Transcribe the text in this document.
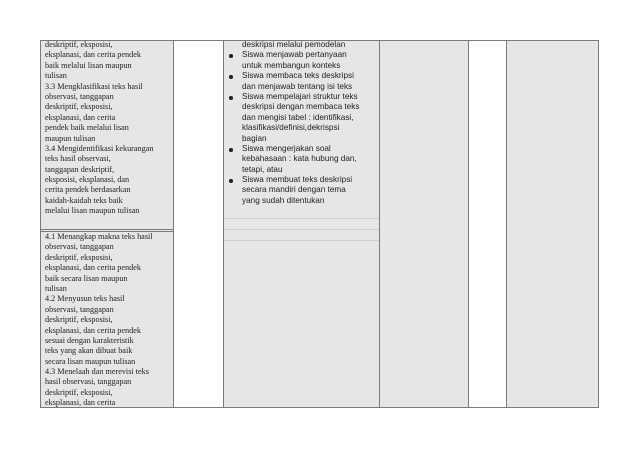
deskriptif, eksposisi,
eksplanasi, dan cerita pendek
baik melalui lisan maupun
tulisan
3.3 Mengklasifikasi teks hasil
observasi, tanggapan
deskriptif, eksposisi,
eksplanasi, dan cerita
pendek baik melalui lisan
maupun tulisan
3.4 Mengidentifikasi kekurangan
teks hasil observasi,
tanggapan deskriptif,
eksposisi, eksplanasi, dan
cerita pendek berdasarkan
kaidah-kaidah teks baik
melalui lisan maupun tulisan
4.1 Menangkap makna teks hasil
observasi, tanggapan
deskriptif, eksposisi,
eksplanasi, dan cerita pendek
baik secara lisan maupun
tulisan
4.2 Menyusun teks hasil
observasi, tanggapan
deskriptif, eksposisi,
eksplanasi, dan cerita pendek
sesuai dengan karakteristik
teks yang akan dibuat baik
secara lisan maupun tulisan
4.3 Menelaah dan merevisi teks
hasil observasi, tanggapan
deskriptif, eksposisi,
eksplanasi, dan cerita
deskripsi melalui pemodelan
Siswa menjawab pertanyaan
untuk membangun konteks
Siswa membaca teks deskripsi
dan menjawab tentang isi teks
Siswa mempelajari struktur teks
deskripsi dengan membaca teks
dan mengisi tabel : identifikasi,
klasifikasi/definisi,dekrispsi
bagian
Siswa mengerjakan soal
kebahasaan : kata hubung dan,
tetapi, atau
Siswa membuat teks deskripsi
secara mandiri dengan tema
yang sudah ditentukan
